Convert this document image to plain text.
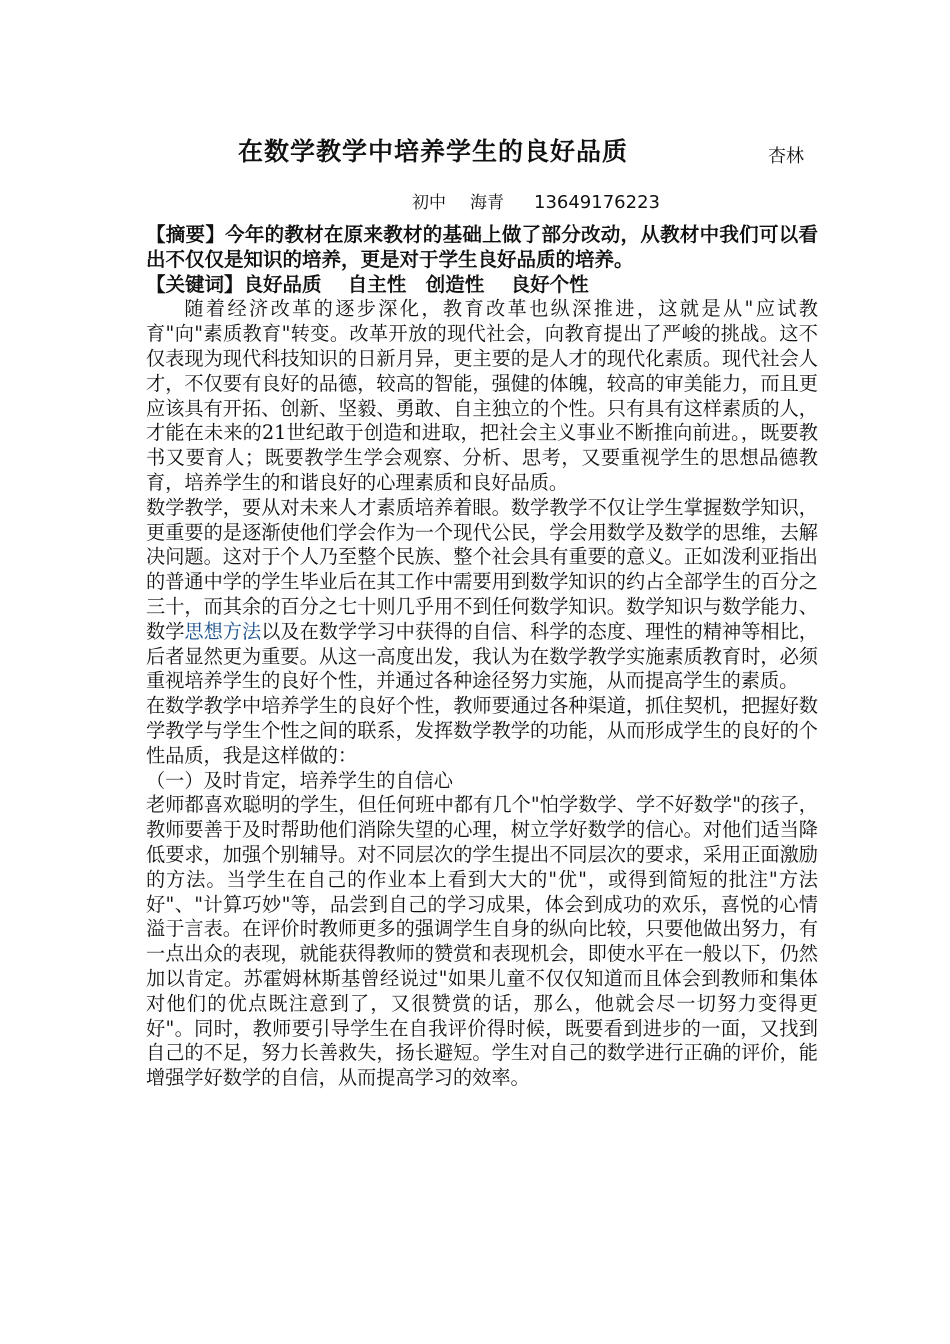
在数学教学中培养学生的良好品质	杏林
初中 海青 13649176223

【摘要】今年的教材在原来教材的基础上做了部分改动，从教材中我们可以看出不仅仅是知识的培养，更是对于学生良好品质的培养。

【关键词】良好品质　 自主性　创造性　 良好个性

随着经济改革的逐步深化，教育改革也纵深推进，这就是从"应试教育"向"素质教育"转变。改革开放的现代社会，向教育提出了严峻的挑战。这不仅表现为现代科技知识的日新月异，更主要的是人才的现代化素质。现代社会人才，不仅要有良好的品德，较高的智能，强健的体魄，较高的审美能力，而且更应该具有开拓、创新、坚毅、勇敢、自主独立的个性。只有具有这样素质的人，才能在未来的21世纪敢于创造和进取，把社会主义事业不断推向前进。，既要教书又要育人；既要教学生学会观察、分析、思考，又要重视学生的思想品德教育，培养学生的和谐良好的心理素质和良好品质。

数学教学，要从对未来人才素质培养着眼。数学教学不仅让学生掌握数学知识，更重要的是逐渐使他们学会作为一个现代公民，学会用数学及数学的思维，去解决问题。这对于个人乃至整个民族、整个社会具有重要的意义。正如泼利亚指出的普通中学的学生毕业后在其工作中需要用到数学知识的约占全部学生的百分之三十，而其余的百分之七十则几乎用不到任何数学知识。数学知识与数学能力、数学思想方法以及在数学学习中获得的自信、科学的态度、理性的精神等相比，后者显然更为重要。从这一高度出发，我认为在数学教学实施素质教育时，必须重视培养学生的良好个性，并通过各种途径努力实施，从而提高学生的素质。

在数学教学中培养学生的良好个性，教师要通过各种渠道，抓住契机，把握好数学教学与学生个性之间的联系，发挥数学教学的功能，从而形成学生的良好的个性品质，我是这样做的：

（一）及时肯定，培养学生的自信心

老师都喜欢聪明的学生，但任何班中都有几个"怕学数学、学不好数学"的孩子，教师要善于及时帮助他们消除失望的心理，树立学好数学的信心。对他们适当降低要求，加强个别辅导。对不同层次的学生提出不同层次的要求，采用正面激励的方法。当学生在自己的作业本上看到大大的"优"，或得到简短的批注"方法好"、"计算巧妙"等，品尝到自己的学习成果，体会到成功的欢乐，喜悦的心情溢于言表。在评价时教师更多的强调学生自身的纵向比较，只要他做出努力，有一点出众的表现，就能获得教师的赞赏和表现机会，即使水平在一般以下，仍然加以肯定。苏霍姆林斯基曾经说过"如果儿童不仅仅知道而且体会到教师和集体对他们的优点既注意到了，又很赞赏的话，那么，他就会尽一切努力变得更好"。同时，教师要引导学生在自我评价得时候，既要看到进步的一面，又找到自己的不足，努力长善救失，扬长避短。学生对自己的数学进行正确的评价，能增强学好数学的自信，从而提高学习的效率。
